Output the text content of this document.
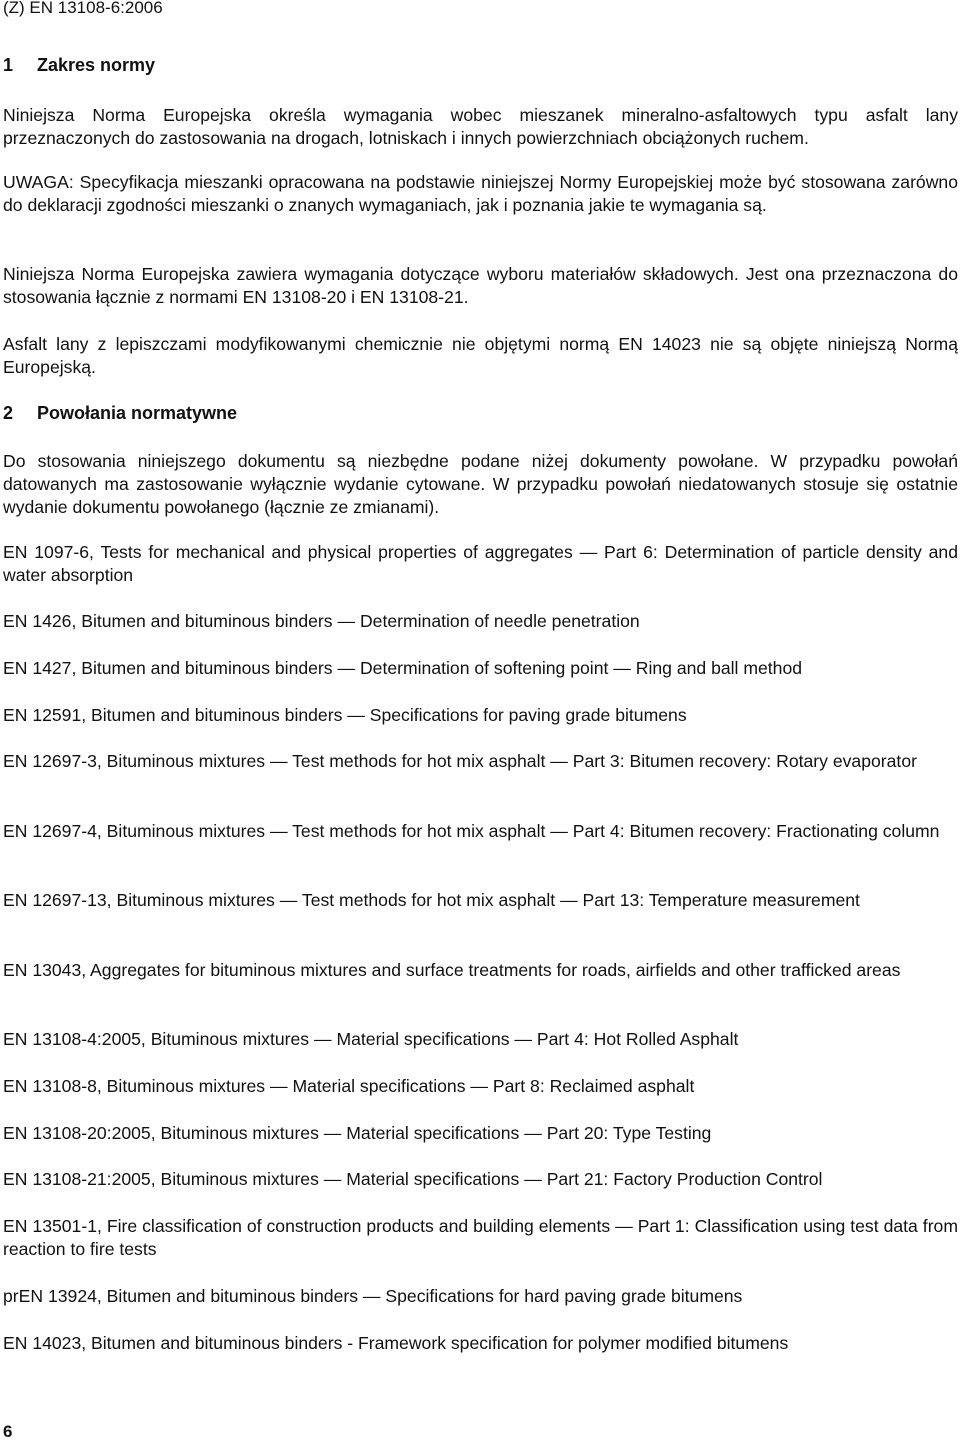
(Z) EN 13108-6:2006
1 Zakres normy

Niniejsza Norma Europejska określa wymagania wobec mieszanek mineralno-asfaltowych typu asfalt lany przeznaczonych do zastosowania na drogach, lotniskach i innych powierzchniach obciążonych ruchem.

UWAGA: Specyfikacja mieszanki opracowana na podstawie niniejszej Normy Europejskiej może być stosowana zarówno do deklaracji zgodności mieszanki o znanych wymaganiach, jak i poznania jakie te wymagania są.

Niniejsza Norma Europejska zawiera wymagania dotyczące wyboru materiałów składowych. Jest ona przeznaczona do stosowania łącznie z normami EN 13108-20 i EN 13108-21.

Asfalt lany z lepiszczami modyfikowanymi chemicznie nie objętymi normą EN 14023 nie są objęte niniejszą Normą Europejską.

2 Powołania normatywne

Do stosowania niniejszego dokumentu są niezbędne podane niżej dokumenty powołane. W przypadku powołań datowanych ma zastosowanie wyłącznie wydanie cytowane. W przypadku powołań niedatowanych stosuje się ostatnie wydanie dokumentu powołanego (łącznie ze zmianami).

EN 1097-6, Tests for mechanical and physical properties of aggregates — Part 6: Determination of particle density and water absorption

EN 1426, Bitumen and bituminous binders — Determination of needle penetration

EN 1427, Bitumen and bituminous binders — Determination of softening point — Ring and ball method

EN 12591, Bitumen and bituminous binders — Specifications for paving grade bitumens

EN 12697-3, Bituminous mixtures — Test methods for hot mix asphalt — Part 3: Bitumen recovery: Rotary evaporator

EN 12697-4, Bituminous mixtures — Test methods for hot mix asphalt — Part 4: Bitumen recovery: Fractionating column

EN 12697-13, Bituminous mixtures — Test methods for hot mix asphalt — Part 13: Temperature measurement

EN 13043, Aggregates for bituminous mixtures and surface treatments for roads, airfields and other trafficked areas

EN 13108-4:2005, Bituminous mixtures — Material specifications — Part 4: Hot Rolled Asphalt

EN 13108-8, Bituminous mixtures — Material specifications — Part 8: Reclaimed asphalt

EN 13108-20:2005, Bituminous mixtures — Material specifications — Part 20: Type Testing

EN 13108-21:2005, Bituminous mixtures — Material specifications — Part 21: Factory Production Control

EN 13501-1, Fire classification of construction products and building elements — Part 1: Classification using test data from reaction to fire tests

prEN 13924, Bitumen and bituminous binders — Specifications for hard paving grade bitumens

EN 14023, Bitumen and bituminous binders - Framework specification for polymer modified bitumens

6
